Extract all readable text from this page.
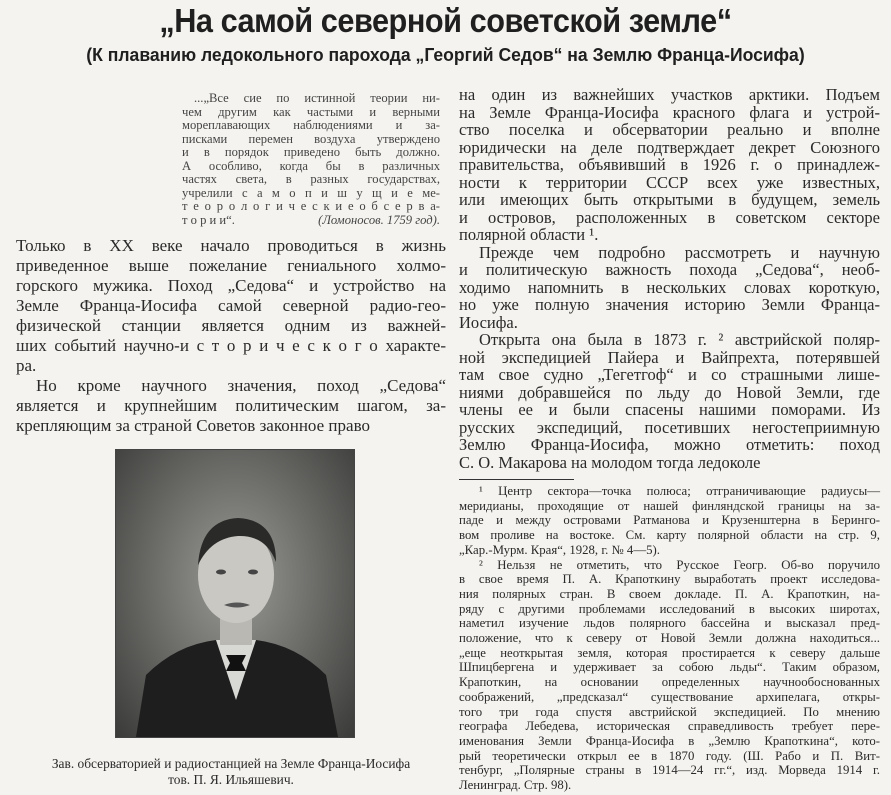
„На самой северной советской земле“
(К плаванию ледокольного парохода „Георгий Седов“ на Землю Франца-Иосифа)
...„Все сие по истинной теории ни-
чем другим как частыми и верными
мореплавающих наблюдениями и за-
писками перемен воздуха утверждено
и в порядок приведено быть должно.
А особливо, когда бы в различных
частях света, в разных государствах,
учрелили с а м о п и ш у щ и е ме-
т е о р о л о г и ч е с к и е о б с е р в а-
т о р и и“.	(Ломоносов. 1759 год).
Только в XX веке начало проводиться в жизнь
приведенное выше пожелание гениального холмо-
горского мужика. Поход „Седова“ и устройство на
Земле Франца-Иосифа самой северной радио-гео-
физической станции является одним из важней-
ших событий научно-и с т о р и ч е с к о г о характе-
ра.
Но кроме научного значения, поход „Седова“
является и крупнейшим политическим шагом, за-
крепляющим за страной Советов законное право
Зав. обсерваторией и радиостанцией на Земле Франца-Иосифа
тов. П. Я. Ильяшевич.
на один из важнейших участков арктики. Подъем
на Земле Франца-Иосифа красного флага и устрой-
ство поселка и обсерватории реально и вполне
юридически на деле подтверждает декрет Союзного
правительства, объявивший в 1926 г. о принадлеж-
ности к территории СССР всех уже известных,
или имеющих быть открытыми в будущем, земель
и островов, расположенных в советском секторе
полярной области ¹.
Прежде чем подробно рассмотреть и научную
и политическую важность похода „Седова“, необ-
ходимо напомнить в нескольких словах короткую,
но уже полную значения историю Земли Франца-
Иосифа.
Открыта она была в 1873 г. ² австрийской поляр-
ной экспедицией Пайера и Вайпрехта, потерявшей
там свое судно „Тегетгоф“ и со страшными лише-
ниями добравшейся по льду до Новой Земли, где
члены ее и были спасены нашими поморами. Из
русских экспедиций, посетивших негостеприимную
Землю Франца-Иосифа, можно отметить: поход
С. О. Макарова на молодом тогда ледоколе
¹ Центр сектора—точка полюса; отграничивающие радиусы—
меридианы, проходящие от нашей финляндской границы на за-
паде и между островами Ратманова и Крузенштерна в Беринго-
вом проливе на востоке. См. карту полярной области на стр. 9,
„Кар.-Мурм. Края“, 1928, г. № 4—5).
² Нельзя не отметить, что Русское Геогр. Об-во поручило
в свое время П. А. Крапоткину выработать проект исследова-
ния полярных стран. В своем докладе. П. А. Крапоткин, на-
ряду с другими проблемами исследований в высоких широтах,
наметил изучение льдов полярного бассейна и высказал пред-
положение, что к северу от Новой Земли должна находиться...
„еще неоткрытая земля, которая простирается к северу дальше
Шпицбергена и удерживает за собою льды“. Таким образом,
Крапоткин, на основании определенных научнообоснованных
соображений, „предсказал“ существование архипелага, откры-
того три года спустя австрийской экспедицией. По мнению
географа Лебедева, историческая справедливость требует пере-
именования Земли Франца-Иосифа в „Землю Крапоткина“, кото-
рый теоретически открыл ее в 1870 году. (Ш. Рабо и П. Вит-
тенбург, „Полярные страны в 1914—24 гг.“, изд. Морведа 1914 г.
Ленинград. Стр. 98).
